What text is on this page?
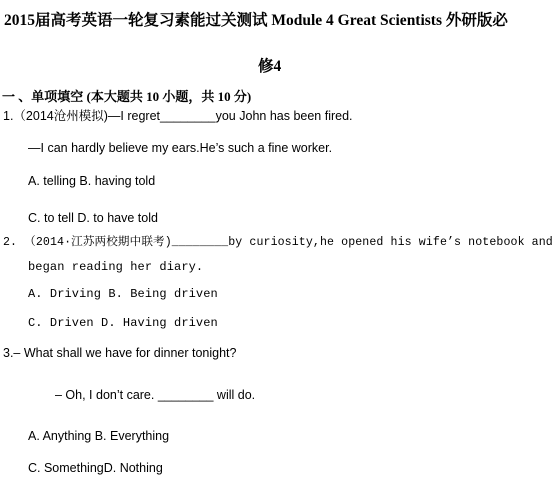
2015届高考英语一轮复习素能过关测试 Module 4 Great Scientists 外研版必
修4
一 、单项填空 (本大题共 10 小题，共 10 分)
1.（2014沧州模拟)—I regret________you John has been fired.
—I can hardly believe my ears.He’s such a fine worker.
A. telling B. having told
C. to tell D. to have told
2. （2014·江苏两校期中联考)________by curiosity,he opened his wife’s notebook and
began reading her diary.
A. Driving B. Being driven
C. Driven D. Having driven
3.– What shall we have for dinner tonight?
– Oh, I don’t care. ________ will do.
A. Anything B. Everything
C. SomethingD. Nothing
